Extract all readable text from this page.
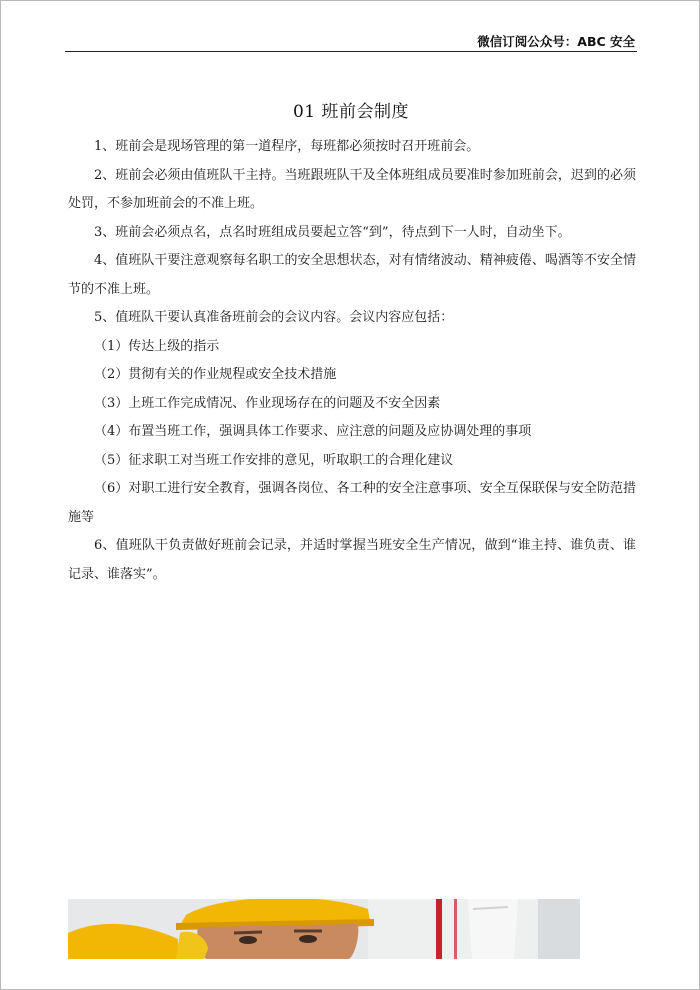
微信订阅公众号：ABC 安全
01 班前会制度

1、班前会是现场管理的第一道程序，每班都必须按时召开班前会。

2、班前会必须由值班队干主持。当班跟班队干及全体班组成员要准时参加班前会，迟到的必须处罚，不参加班前会的不准上班。

3、班前会必须点名，点名时班组成员要起立答“到”，待点到下一人时，自动坐下。

4、值班队干要注意观察每名职工的安全思想状态，对有情绪波动、精神疲倦、喝酒等不安全情节的不准上班。

5、值班队干要认真准备班前会的会议内容。会议内容应包括：

（1）传达上级的指示

（2）贯彻有关的作业规程或安全技术措施

（3）上班工作完成情况、作业现场存在的问题及不安全因素

（4）布置当班工作，强调具体工作要求、应注意的问题及应协调处理的事项

（5）征求职工对当班工作安排的意见，听取职工的合理化建议

（6）对职工进行安全教育，强调各岗位、各工种的安全注意事项、安全互保联保与安全防范措施等

6、值班队干负责做好班前会记录，并适时掌握当班安全生产情况，做到“谁主持、谁负责、谁记录、谁落实”。
